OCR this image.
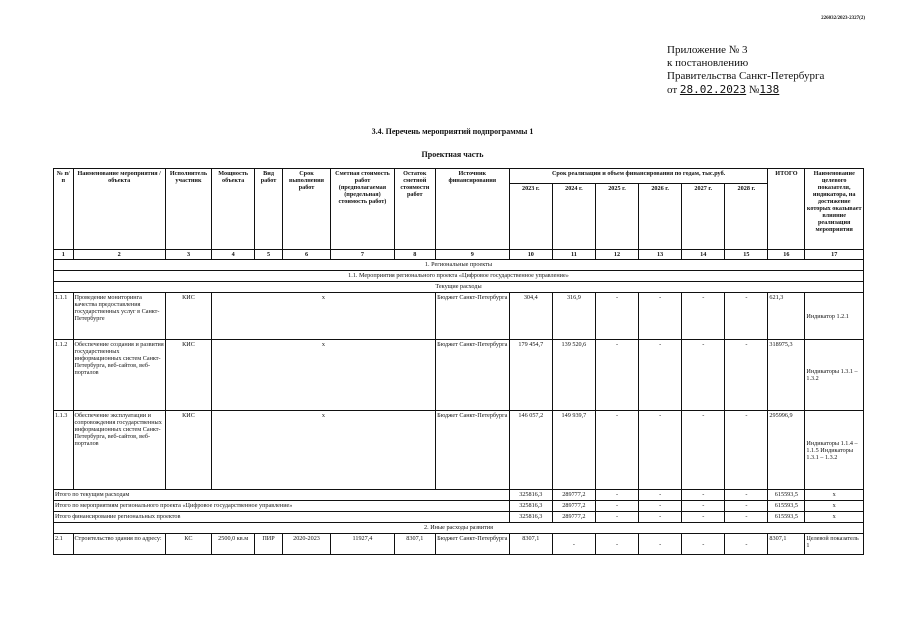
226032/2023-2327(2)
Приложение № 3
к постановлению
Правительства Санкт-Петербурга
от 28.02.2023 №138
3.4. Перечень мероприятий подпрограммы 1
Проектная часть
№ п/п	Наименование мероприятия /объекта	Исполнитель участник	Мощность объекта	Вид работ	Срок выполнения работ	Сметная стоимость работ (предполагаемая (предельная) стоимость работ)	Остаток сметной стоимости работ	Источник финансирования	Срок реализации и объем финансирования по годам, тыс.руб.						ИТОГО	Наименование целевого показателя, индикатора, на достижение которых оказывает влияние реализация мероприятия
									2023 г.	2024 г.	2025 г.	2026 г.	2027 г.	2028 г.		
1	2	3	4	5	6	7	8	9	10	11	12	13	14	15	16	17
1. Региональные проекты																
1.1. Мероприятия регионального проекта «Цифровое государственное управление»																
Текущие расходы																
1.1.1	Проведение мониторинга качества предоставления государственных услуг в Санкт-Петербурге	КИС	x					Бюджет Санкт-Петербурга	304,4	316,9	-	-	-	-	621,3	Индикатор 1.2.1
1.1.2	Обеспечение создания и развития государственных информационных систем Санкт-Петербурга, веб-сайтов, веб-порталов	КИС	x					Бюджет Санкт-Петербурга	179 454,7	139 520,6	-	-	-	-	318975,3	Индикаторы 1.3.1 – 1.3.2
1.1.3	Обеспечение эксплуатации и сопровождения государственных информационных систем Санкт-Петербурга, веб-сайтов, веб-порталов	КИС	x					Бюджет Санкт-Петербурга	146 057,2	149 939,7	-	-	-	-	295996,9	Индикаторы 1.1.4 – 1.1.5 Индикаторы 1.3.1 – 1.3.2
Итого по текущим расходам									325816,3	289777,2	-	-	-	-	615593,5	x
Итого по мероприятиям регионального проекта «Цифровое государственное управление»									325816,3	289777,2	-	-	-	-	615593,5	x
Итого финансирование региональных проектов									325816,3	289777,2	-	-	-	-	615593,5	x
2. Иные расходы развития																
2.1	Строительство здания по адресу:	КС	2500,0 кв.м	ПИР	2020-2023	11927,4	8307,1	Бюджет Санкт-Петербурга	8307,1	-	-	-	-	-	8307,1	Целевой показатель 1
